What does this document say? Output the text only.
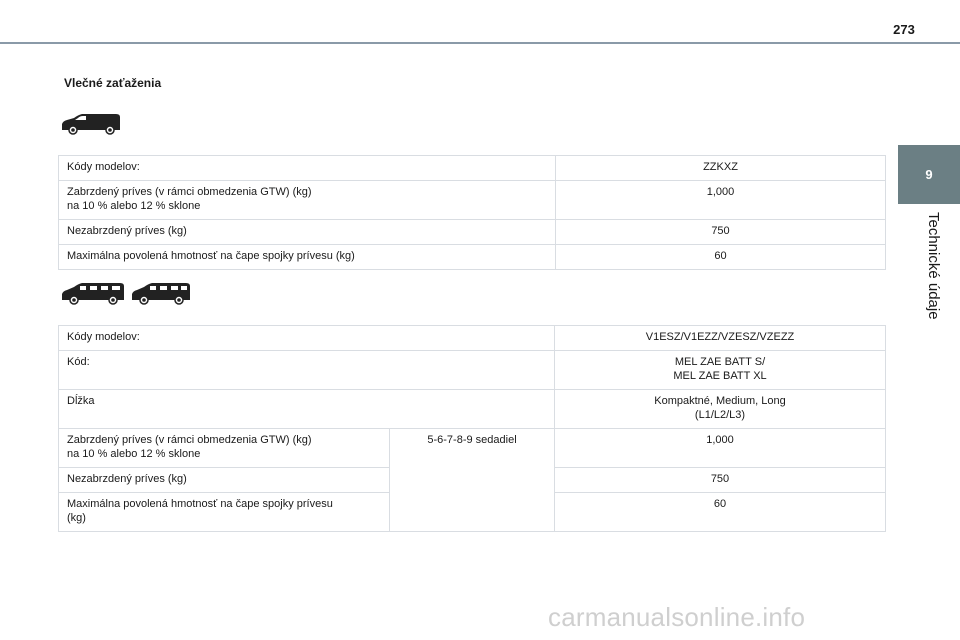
273
Vlečné zaťaženia
9
Technické údaje
Kódy modelov:	ZZKXZ

Zabrzdený príves (v rámci obmedzenia GTW) (kg)
na 10 % alebo 12 % sklone	1,000
Nezabrzdený príves (kg)	750
Maximálna povolená hmotnosť na čape spojky prívesu (kg)	60
Kódy modelov:		V1ESZ/V1EZZ/VZESZ/VZEZZ
Kód:		MEL ZAE BATT S/
MEL ZAE BATT XL

Dĺžka		Kompaktné, Medium, Long
(L1/L2/L3)

Zabrzdený príves (v rámci obmedzenia GTW) (kg)
na 10 % alebo 12 % sklone	5-6-7-8-9 sedadiel	1,000
Nezabrzdený príves (kg)		750

Maximálna povolená hmotnosť na čape spojky prívesu
(kg)		60
carmanualsonline.info
